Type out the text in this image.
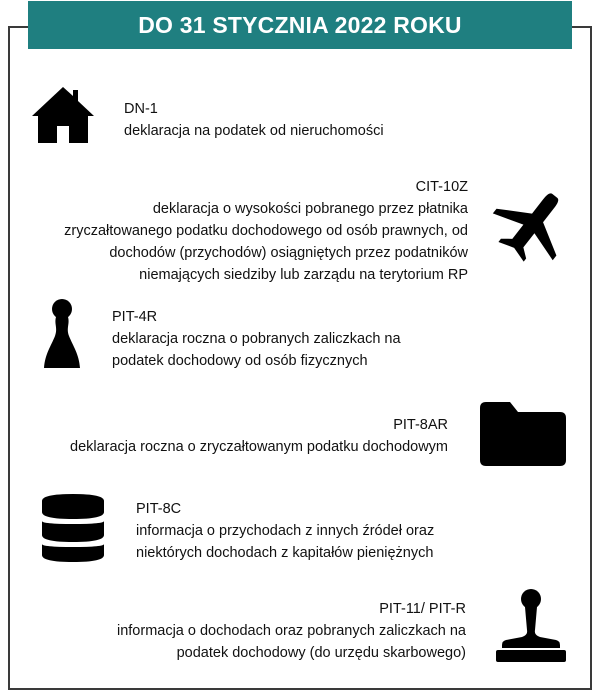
DO 31 STYCZNIA 2022 ROKU
DN-1
deklaracja na podatek od nieruchomości
CIT-10Z
deklaracja o wysokości pobranego przez płatnika zryczałtowanego podatku dochodowego od osób prawnych, od dochodów (przychodów) osiągniętych przez podatników niemających siedziby lub zarządu na terytorium RP
PIT-4R
deklaracja roczna o pobranych zaliczkach na podatek dochodowy od osób fizycznych
PIT-8AR
deklaracja roczna o zryczałtowanym podatku dochodowym
PIT-8C
informacja o przychodach z innych źródeł oraz niektórych dochodach z kapitałów pieniężnych
PIT-11/ PIT-R
informacja o dochodach oraz pobranych zaliczkach na podatek dochodowy (do urzędu skarbowego)
